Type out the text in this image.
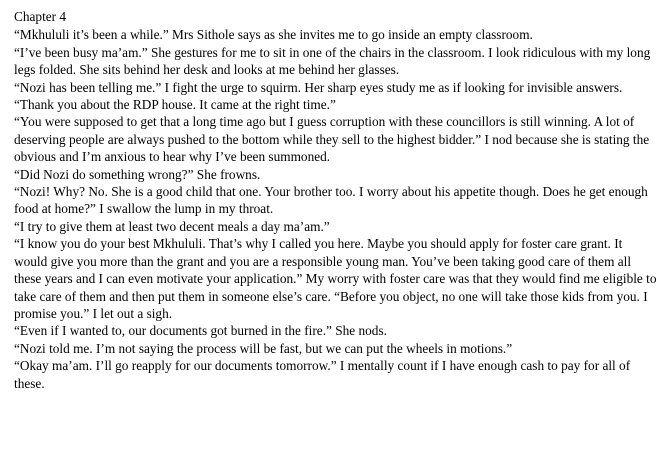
Chapter 4

“Mkhululi it’s been a while.” Mrs Sithole says as she invites me to go inside an empty classroom.

“I’ve been busy ma’am.” She gestures for me to sit in one of the chairs in the classroom. I look ridiculous with my long legs folded. She sits behind her desk and looks at me behind her glasses.

“Nozi has been telling me.” I fight the urge to squirm. Her sharp eyes study me as if looking for invisible answers.

“Thank you about the RDP house. It came at the right time.”

“You were supposed to get that a long time ago but I guess corruption with these councillors is still winning. A lot of deserving people are always pushed to the bottom while they sell to the highest bidder.” I nod because she is stating the obvious and I’m anxious to hear why I’ve been summoned.

“Did Nozi do something wrong?” She frowns.

“Nozi! Why? No. She is a good child that one. Your brother too. I worry about his appetite though. Does he get enough food at home?” I swallow the lump in my throat.

“I try to give them at least two decent meals a day ma’am.”

“I know you do your best Mkhululi. That’s why I called you here. Maybe you should apply for foster care grant. It would give you more than the grant and you are a responsible young man. You’ve been taking good care of them all these years and I can even motivate your application.” My worry with foster care was that they would find me eligible to take care of them and then put them in someone else’s care. “Before you object, no one will take those kids from you. I promise you.” I let out a sigh.

“Even if I wanted to, our documents got burned in the fire.” She nods.

“Nozi told me. I’m not saying the process will be fast, but we can put the wheels in motions.”

“Okay ma’am. I’ll go reapply for our documents tomorrow.” I mentally count if I have enough cash to pay for all of these.
